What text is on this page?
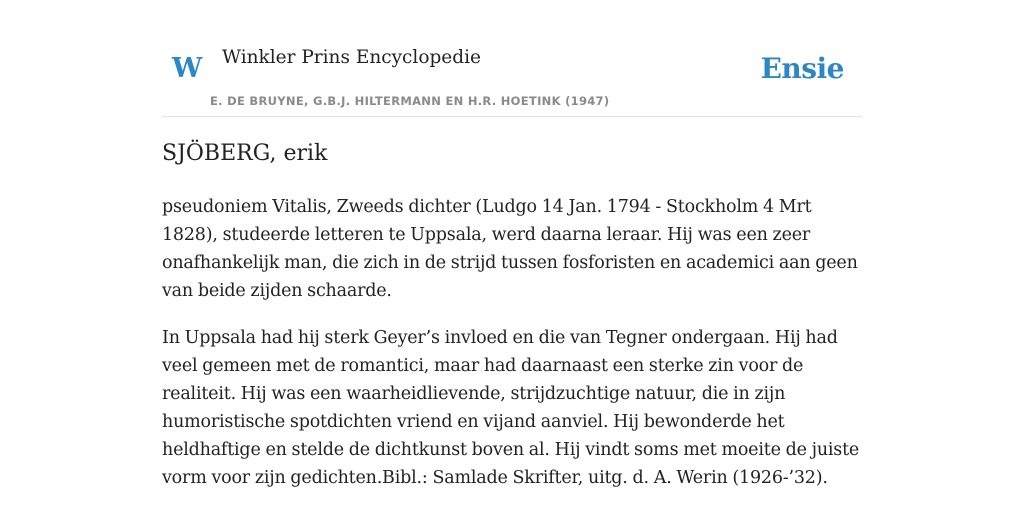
W Winkler Prins Encyclopedie
E. DE BRUYNE, G.B.J. HILTERMANN EN H.R. HOETINK (1947)
Ensie
SJÖBERG, erik

pseudoniem Vitalis, Zweeds dichter (Ludgo 14 Jan. 1794 - Stockholm 4 Mrt 1828), studeerde letteren te Uppsala, werd daarna leraar. Hij was een zeer onafhankelijk man, die zich in de strijd tussen fosforisten en academici aan geen van beide zijden schaarde.

In Uppsala had hij sterk Geyer’s invloed en die van Tegner ondergaan. Hij had veel gemeen met de romantici, maar had daarnaast een sterke zin voor de realiteit. Hij was een waarheidlievende, strijdzuchtige natuur, die in zijn humoristische spotdichten vriend en vijand aanviel. Hij bewonderde het heldhaftige en stelde de dichtkunst boven al. Hij vindt soms met moeite de juiste vorm voor zijn gedichten.Bibl.: Samlade Skrifter, uitg. d. A. Werin (1926-’32).
